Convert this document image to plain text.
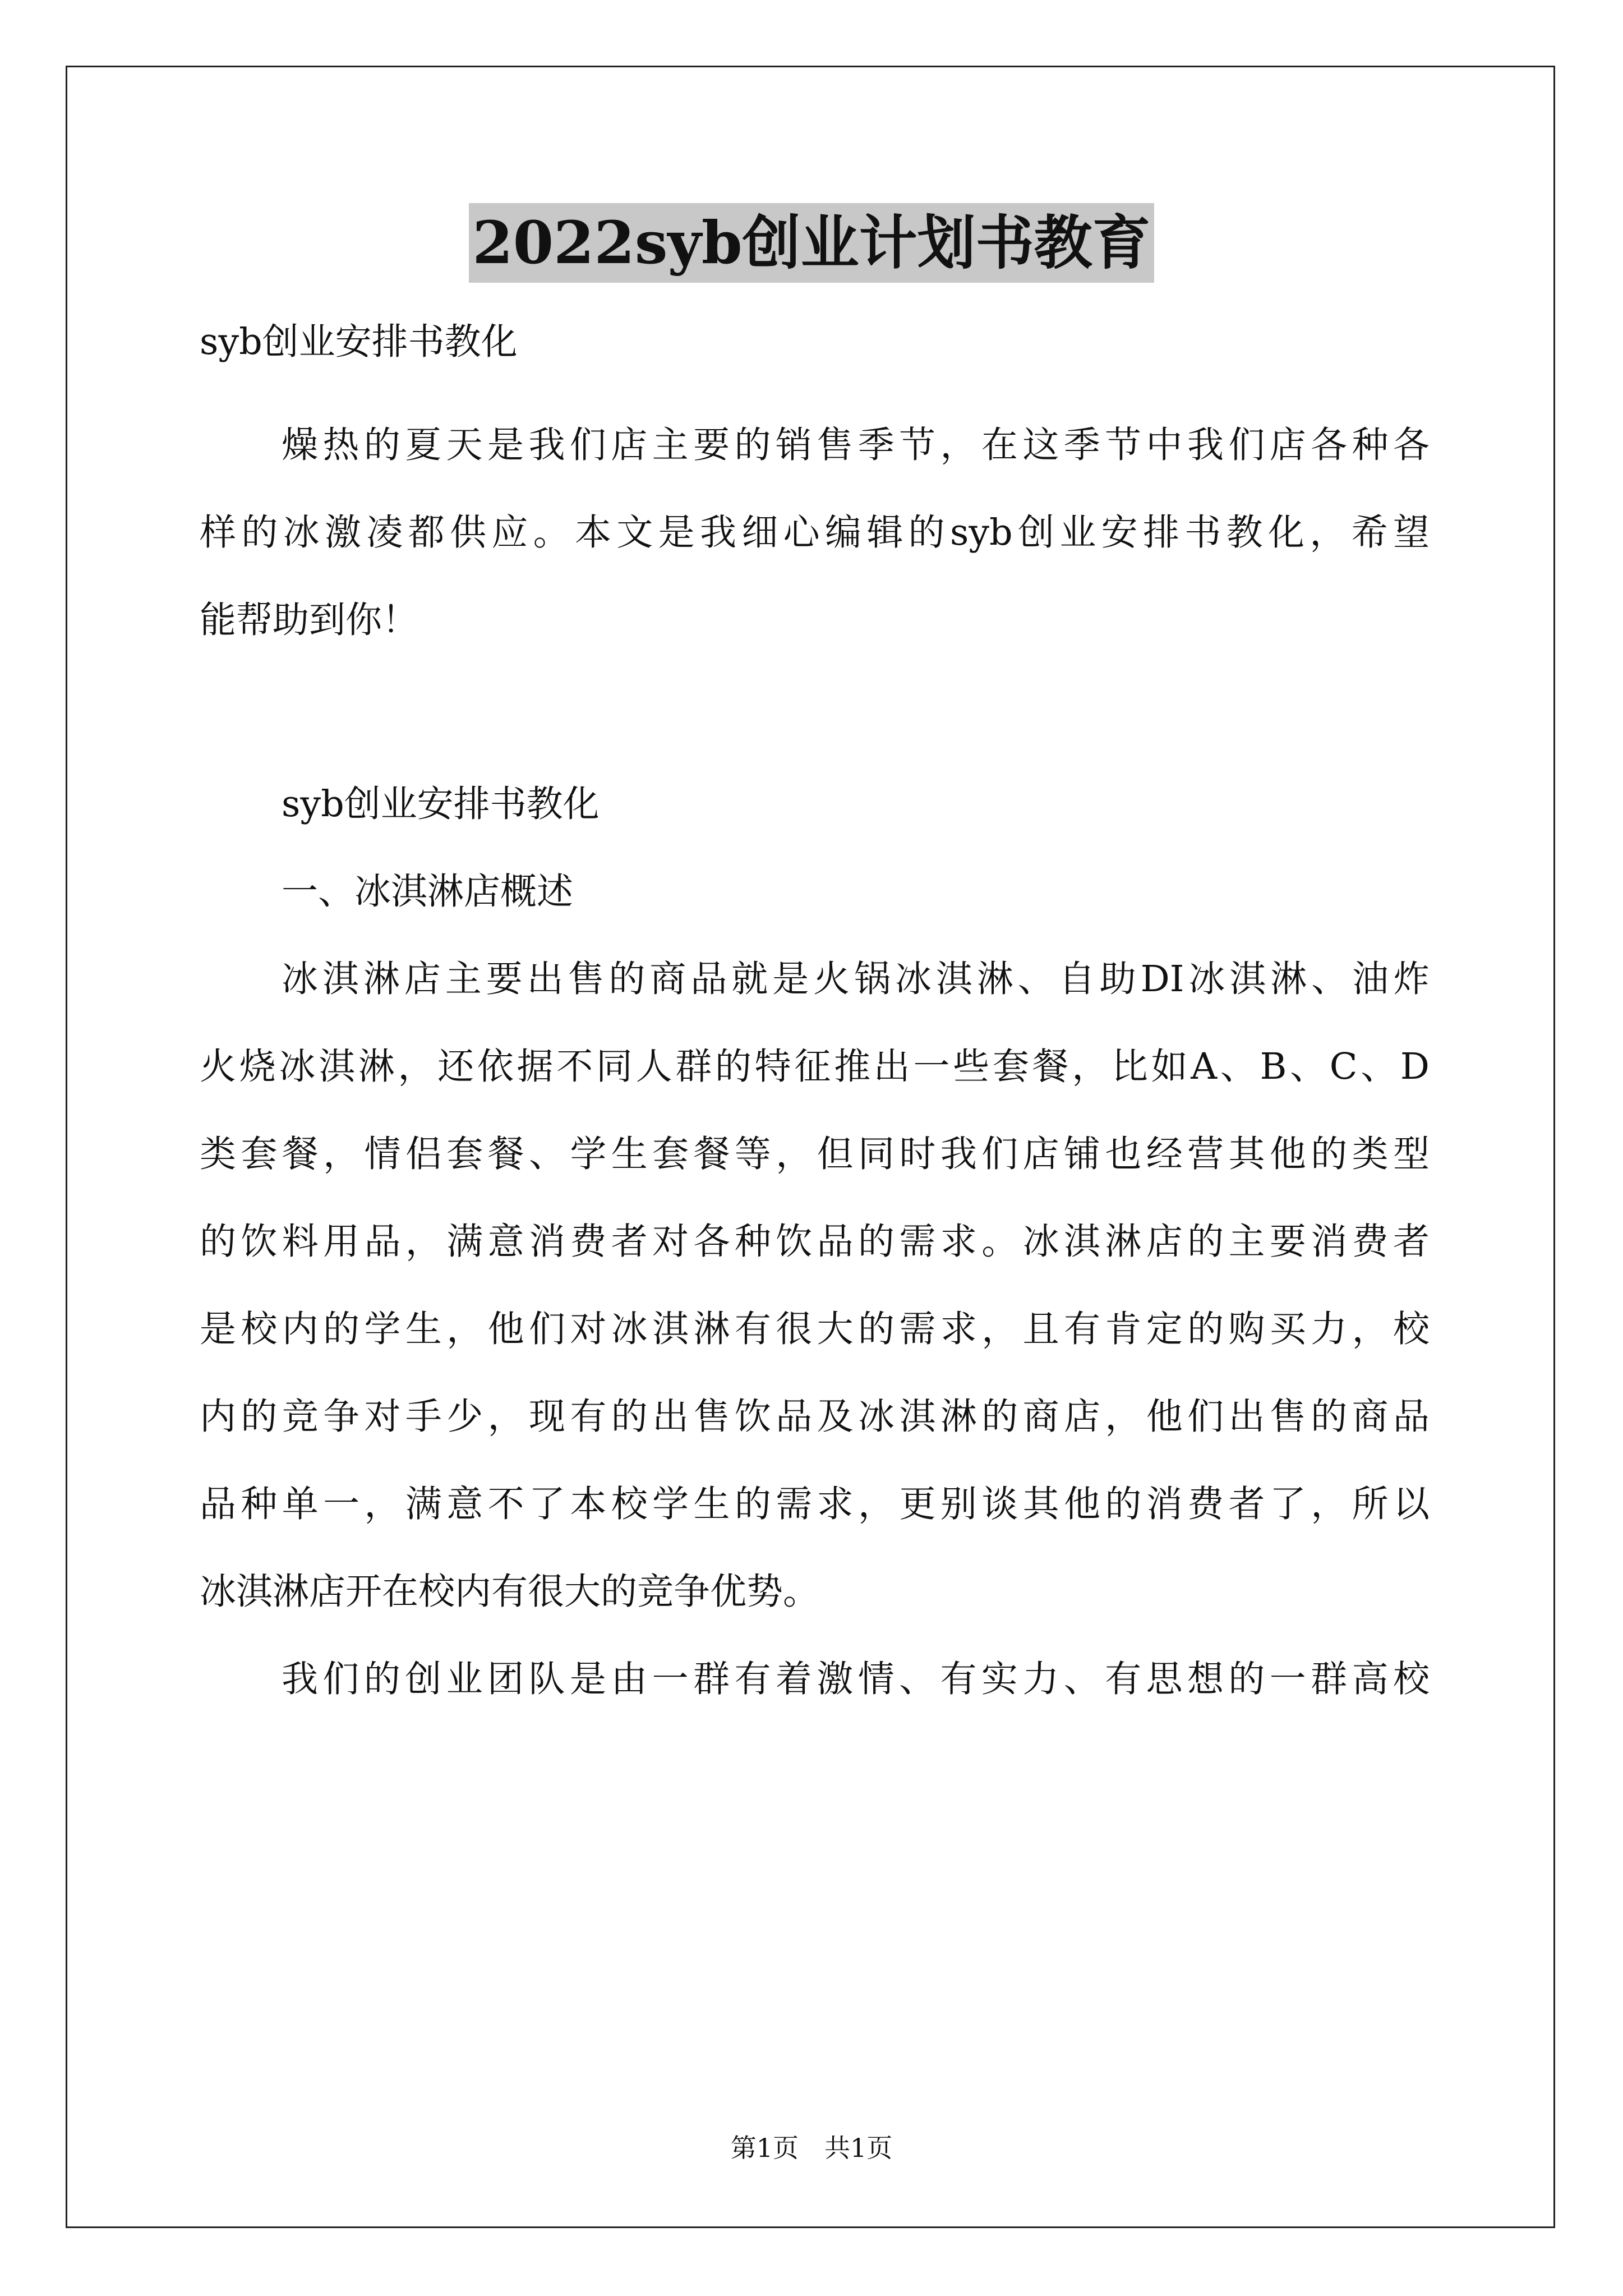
2022syb创业计划书教育

syb创业安排书教化

燥热的夏天是我们店主要的销售季节，在这季节中我们店各种各

样的冰激凌都供应。本文是我细心编辑的syb创业安排书教化，希望

能帮助到你！

syb创业安排书教化

一、冰淇淋店概述

冰淇淋店主要出售的商品就是火锅冰淇淋、自助DI冰淇淋、油炸

火烧冰淇淋，还依据不同人群的特征推出一些套餐，比如A、B、C、D

类套餐，情侣套餐、学生套餐等，但同时我们店铺也经营其他的类型

的饮料用品，满意消费者对各种饮品的需求。冰淇淋店的主要消费者

是校内的学生，他们对冰淇淋有很大的需求，且有肯定的购买力，校

内的竞争对手少，现有的出售饮品及冰淇淋的商店，他们出售的商品

品种单一，满意不了本校学生的需求，更别谈其他的消费者了，所以

冰淇淋店开在校内有很大的竞争优势。

我们的创业团队是由一群有着激情、有实力、有思想的一群高校

第1页　共1页
